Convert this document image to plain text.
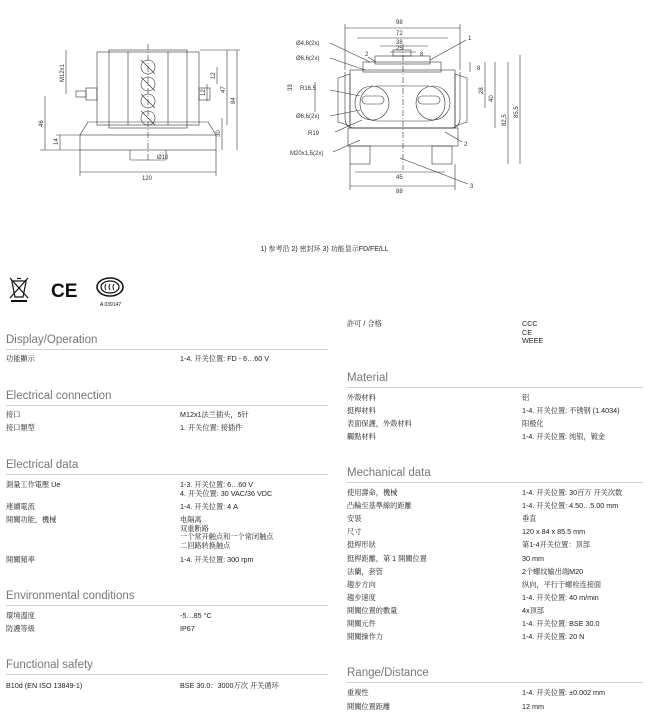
46
14
M12x1
84
47
12
12
30
Ø10
120
98
72
38
25
8
Ø4,8(2x)
Ø6,6(2x)
33 R16,5
Ø6,6(2x)
R19
M20x1,5(2x)
8
28
40
82,5
85,5
45
88
1
2
2
3
1) 参考沿 2) 密封环 3) 功能显示FD/FE/LL
CE
A 039147
Display/Operation
功能顯示	1-4. 开关位置: FD - 6…60 V
Electrical connection
接口	M12x1法兰插头，5针
接口類型	1. 开关位置: 接插件
Electrical data
測量工作電壓 Ue	1-3. 开关位置: 6…60 V
4. 开关位置: 30 VAC/36 VDC
連續電流	1-4. 开关位置: 4 A
開關功能，機械	电隔离
双重断路
一个常开触点和一个常闭触点
二回路转换触点
開關頻率	1-4. 开关位置: 300 rpm
Environmental conditions
環境溫度	-5…85 °C
防護等級	IP67
Functional safety
B10d (EN ISO 13849-1)	BSE 30.0：3000万次 开关循环
許可 / 合格	CCC
CE
WEEE
Material
外殼材料	铝
挺桿材料	1-4. 开关位置: 不锈钢 (1.4034)
表面保護，外殼材料	阳极化
觸點材料	1-4. 开关位置: 纯银，镀金
Mechanical data
使用壽命，機械	1-4. 开关位置: 30百万 开关次数
凸輪至基準線的距離	1-4. 开关位置: 4.50…5.00 mm
安裝	垂直
尺寸	120 x 84 x 85.5 mm
挺桿形狀	第1-4开关位置：顶部
挺桿距離，第 1 開關位置	30 mm
法蘭，套管	2个螺纹输出端M20
趨步方向	纵向，平行于螺栓连接面
趨步速度	1-4. 开关位置: 40 m/min
開關位置的數量	4x顶部
開關元件	1-4. 开关位置: BSE 30.0
開關操作力	1-4. 开关位置: 20 N
Range/Distance
重複性	1-4. 开关位置: ±0.002 mm
開關位置距離	12 mm
